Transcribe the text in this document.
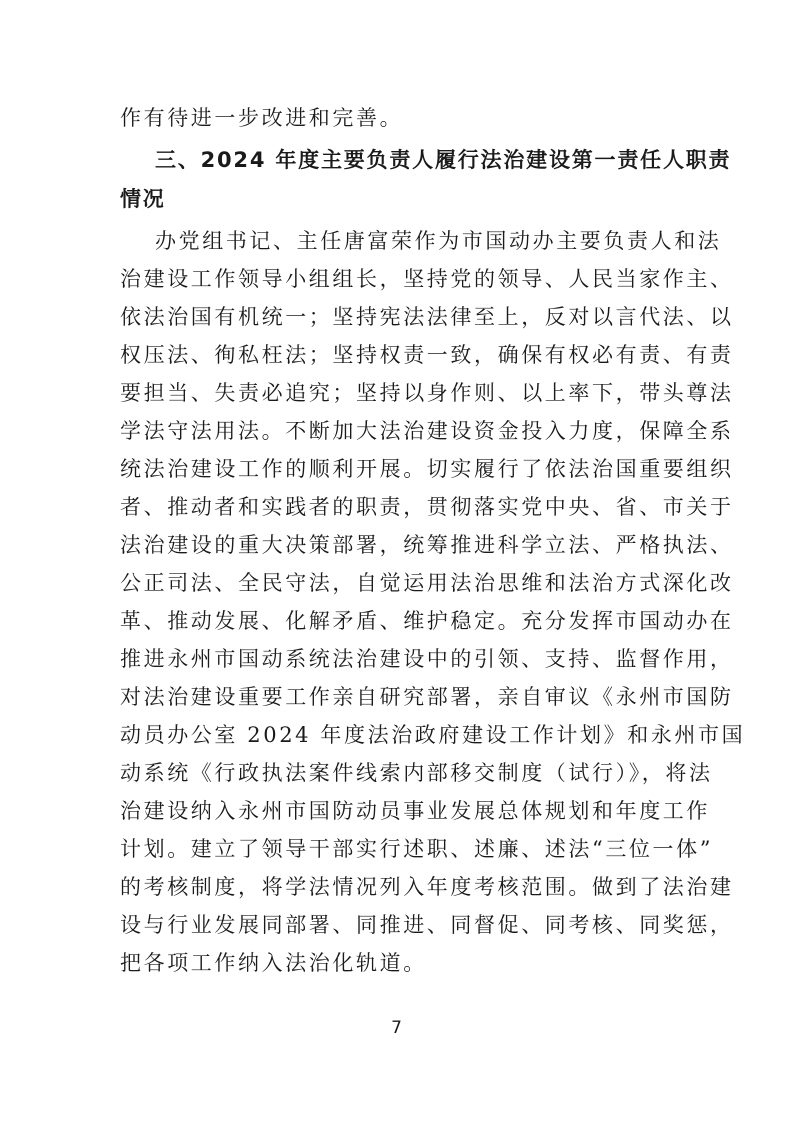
作有待进一步改进和完善。
三、2024 年度主要负责人履行法治建设第一责任人职责
情况
办党组书记、主任唐富荣作为市国动办主要负责人和法
治建设工作领导小组组长，坚持党的领导、人民当家作主、
依法治国有机统一；坚持宪法法律至上，反对以言代法、以
权压法、徇私枉法；坚持权责一致，确保有权必有责、有责
要担当、失责必追究；坚持以身作则、以上率下，带头尊法
学法守法用法。不断加大法治建设资金投入力度，保障全系
统法治建设工作的顺利开展。切实履行了依法治国重要组织
者、推动者和实践者的职责，贯彻落实党中央、省、市关于
法治建设的重大决策部署，统筹推进科学立法、严格执法、
公正司法、全民守法，自觉运用法治思维和法治方式深化改
革、推动发展、化解矛盾、维护稳定。充分发挥市国动办在
推进永州市国动系统法治建设中的引领、支持、监督作用，
对法治建设重要工作亲自研究部署，亲自审议《永州市国防
动员办公室 2024 年度法治政府建设工作计划》和永州市国
动系统《行政执法案件线索内部移交制度（试行）》，将法
治建设纳入永州市国防动员事业发展总体规划和年度工作
计划。建立了领导干部实行述职、述廉、述法“三位一体”
的考核制度，将学法情况列入年度考核范围。做到了法治建
设与行业发展同部署、同推进、同督促、同考核、同奖惩，
把各项工作纳入法治化轨道。
7
